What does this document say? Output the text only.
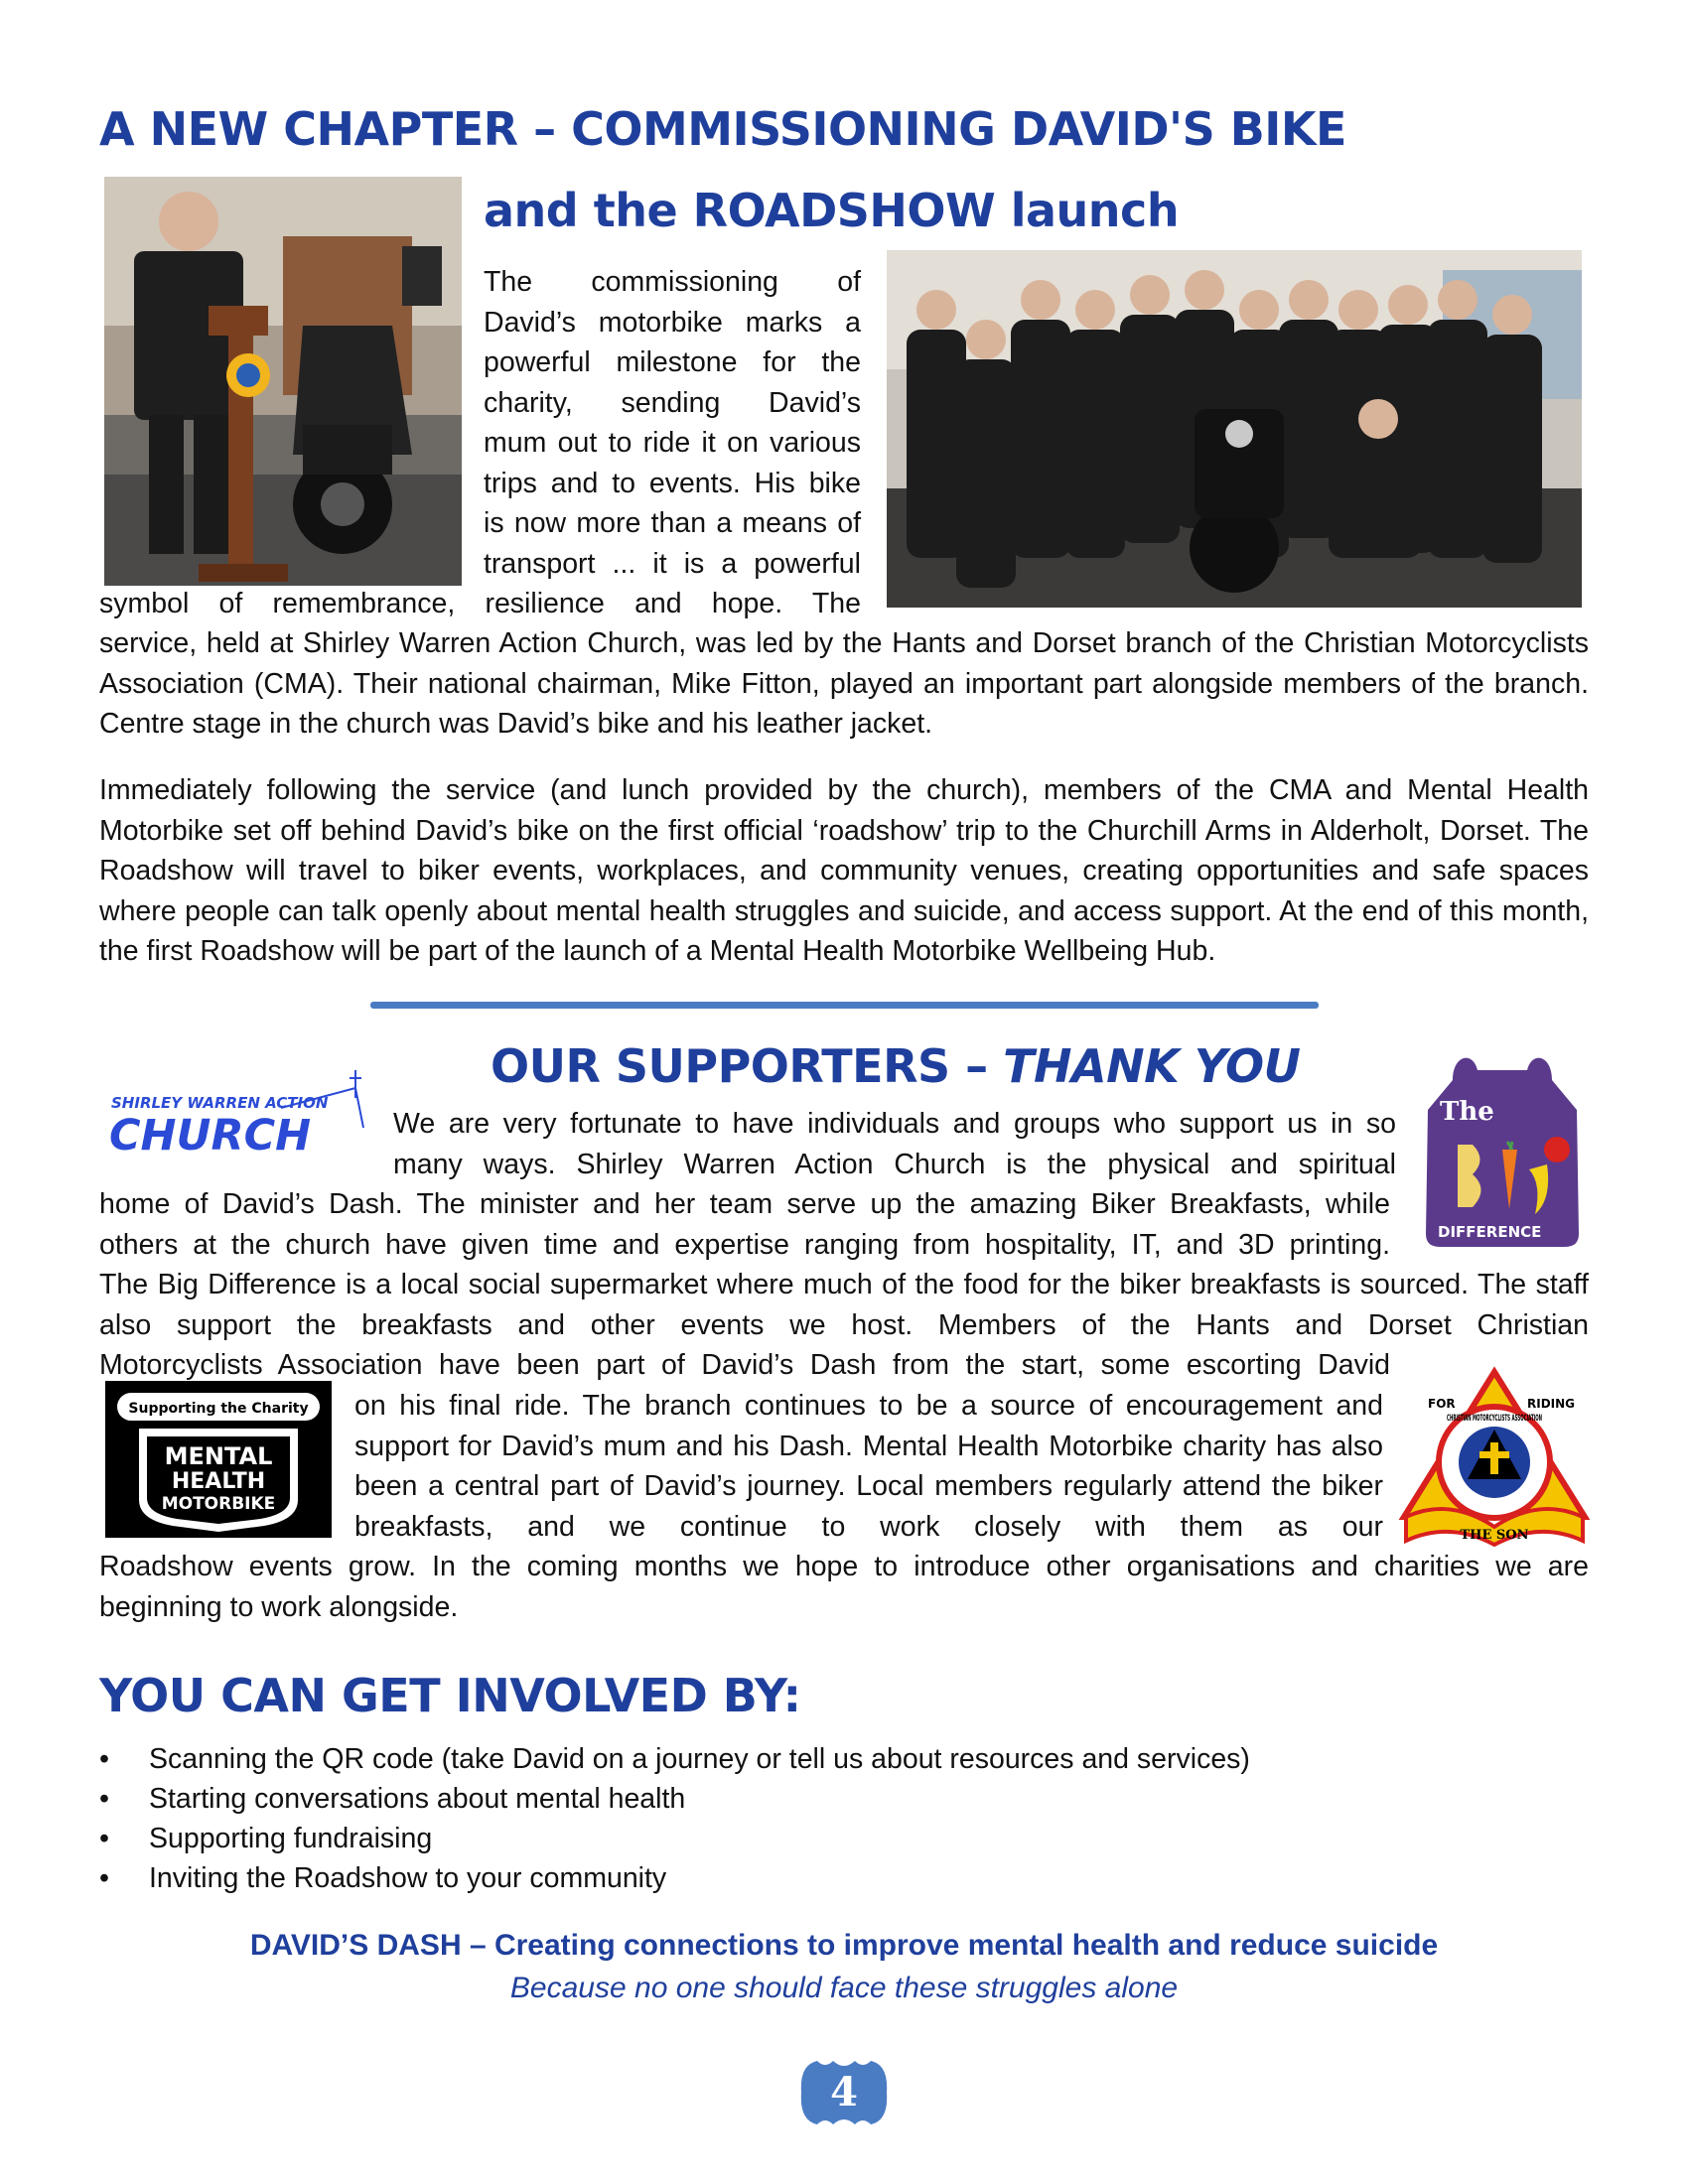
A NEW CHAPTER – COMMISSIONING DAVID'S BIKE
and the ROADSHOW launch
The commissioning of
David’s motorbike marks a
powerful milestone for the
charity, sending David’s
mum out to ride it on various
trips and to events. His bike
is now more than a means of
transport ... it is a powerful
symbol of remembrance, resilience and hope. The

service, held at Shirley Warren Action Church, was led by the Hants and Dorset branch of the Christian Motorcyclists Association (CMA). Their national chairman, Mike Fitton, played an important part alongside members of the branch. Centre stage in the church was David’s bike and his leather jacket.

Immediately following the service (and lunch provided by the church), members of the CMA and Mental Health Motorbike set off behind David’s bike on the first official ‘roadshow’ trip to the Churchill Arms in Alderholt, Dorset. The Roadshow will travel to biker events, workplaces, and community venues, creating opportunities and safe spaces where people can talk openly about mental health struggles and suicide, and access support. At the end of this month, the first Roadshow will be part of the launch of a Mental Health Motorbike Wellbeing Hub.

OUR SUPPORTERS – THANK YOU
SHIRLEY WARREN ACTION
CHURCH	We are very fortunate to have individuals and groups who support us in so
many ways. Shirley Warren Action Church is the physical and spiritual
The
DIFFERENCE
home of David’s Dash. The minister and her team serve up the amazing Biker Breakfasts, while
others at the church have given time and expertise ranging from hospitality, IT, and 3D printing.

The Big Difference is a local social supermarket where much of the food for the biker breakfasts is sourced. The staff also support the breakfasts and other events we host. Members of the Hants and Dorset Christian

Motorcyclists Association have been part of David’s Dash from the start, some escorting David
Supporting the Charity
MENTAL
HEALTH
MOTORBIKE

on his final ride. The branch continues to be a source of encouragement and support for David’s mum and his Dash. Mental Health Motorbike charity has also been a central part of David’s journey. Local members regularly attend the biker breakfasts, and we continue to work closely with them as our

CHRISTIAN MOTORCYCLISTS ASSOCIATION
FOR	RIDING
THE SON

Roadshow events grow. In the coming months we hope to introduce other organisations and charities we are beginning to work alongside.

YOU CAN GET INVOLVED BY:
• Scanning the QR code (take David on a journey or tell us about resources and services)
• Starting conversations about mental health
• Supporting fundraising
• Inviting the Roadshow to your community
DAVID’S DASH – Creating connections to improve mental health and reduce suicide
Because no one should face these struggles alone
4
